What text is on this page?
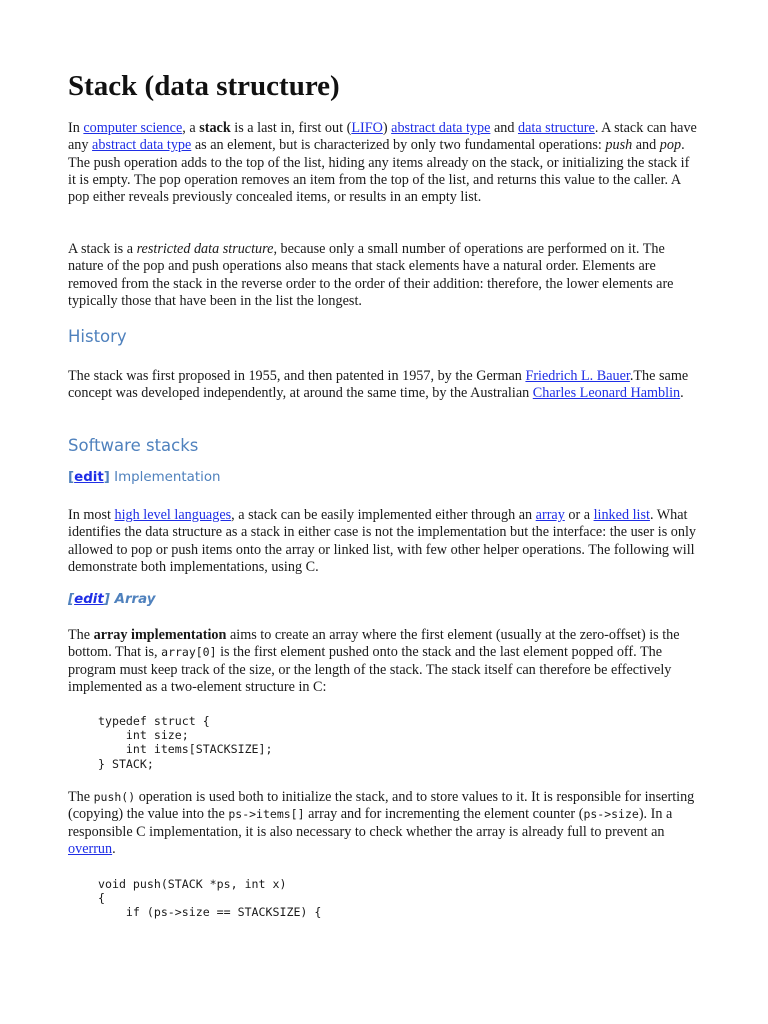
Stack (data structure)
In computer science, a stack is a last in, first out (LIFO) abstract data type and data structure. A stack can have any abstract data type as an element, but is characterized by only two fundamental operations: push and pop. The push operation adds to the top of the list, hiding any items already on the stack, or initializing the stack if it is empty. The pop operation removes an item from the top of the list, and returns this value to the caller. A pop either reveals previously concealed items, or results in an empty list.
A stack is a restricted data structure, because only a small number of operations are performed on it. The nature of the pop and push operations also means that stack elements have a natural order. Elements are removed from the stack in the reverse order to the order of their addition: therefore, the lower elements are typically those that have been in the list the longest.
History
The stack was first proposed in 1955, and then patented in 1957, by the German Friedrich L. Bauer.The same concept was developed independently, at around the same time, by the Australian Charles Leonard Hamblin.
Software stacks
[edit] Implementation
In most high level languages, a stack can be easily implemented either through an array or a linked list. What identifies the data structure as a stack in either case is not the implementation but the interface: the user is only allowed to pop or push items onto the array or linked list, with few other helper operations. The following will demonstrate both implementations, using C.
[edit] Array
The array implementation aims to create an array where the first element (usually at the zero-offset) is the bottom. That is, array[0] is the first element pushed onto the stack and the last element popped off. The program must keep track of the size, or the length of the stack. The stack itself can therefore be effectively implemented as a two-element structure in C:
typedef struct {
int size;
int items[STACKSIZE];
} STACK;
The push() operation is used both to initialize the stack, and to store values to it. It is responsible for inserting (copying) the value into the ps->items[] array and for incrementing the element counter (ps->size). In a responsible C implementation, it is also necessary to check whether the array is already full to prevent an overrun.
void push(STACK *ps, int x)
{
if (ps->size == STACKSIZE) {
